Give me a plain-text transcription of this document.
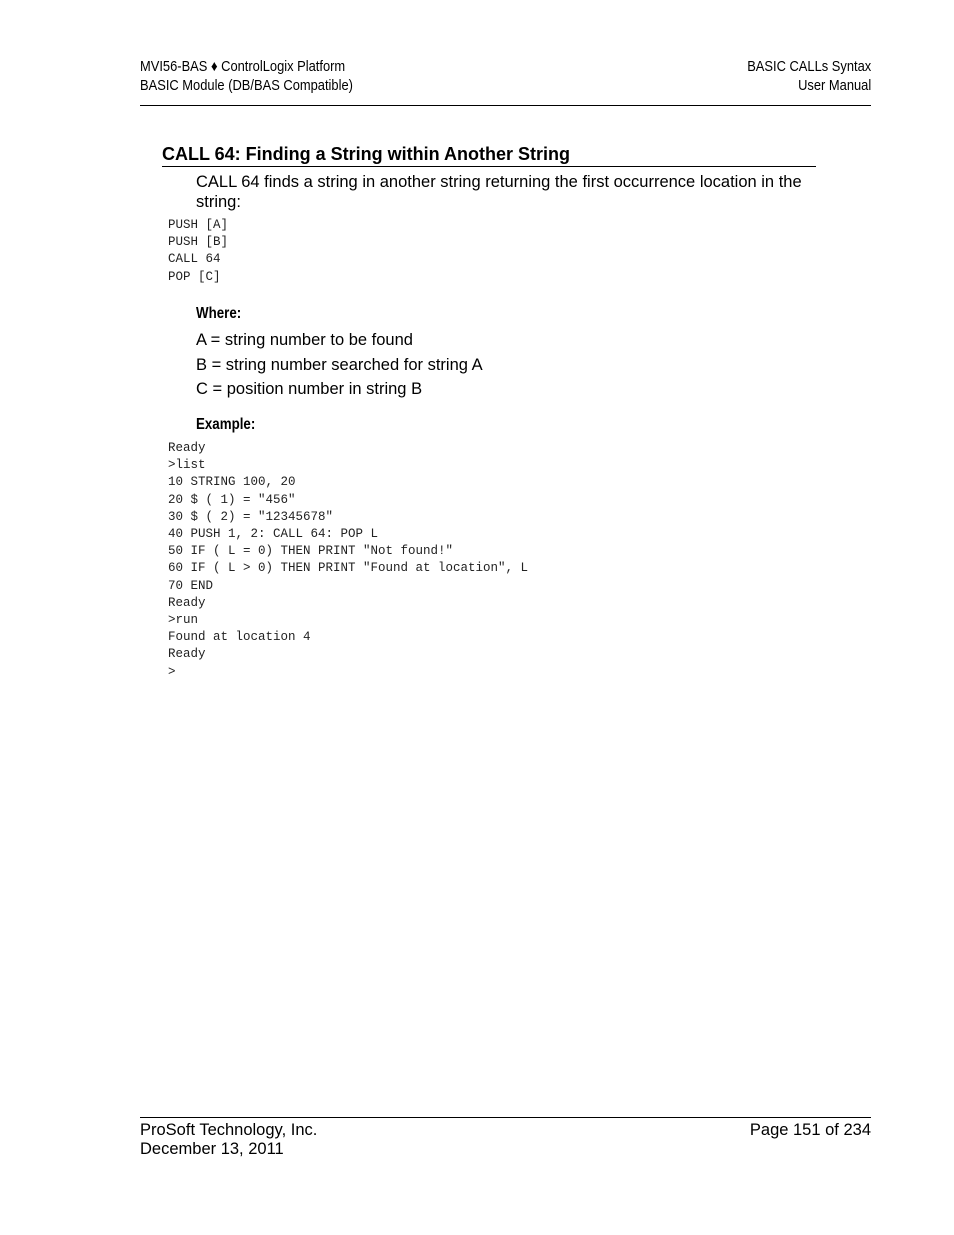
MVI56-BAS ♦ ControlLogix Platform
BASIC Module (DB/BAS Compatible)
BASIC CALLs Syntax
User Manual
CALL 64: Finding a String within Another String
CALL 64 finds a string in another string returning the first occurrence location in the string:
PUSH [A]
PUSH [B]
CALL 64
POP [C]
Where:
A = string number to be found
B = string number searched for string A
C = position number in string B
Example:
Ready
>list
10 STRING 100, 20
20 $ ( 1) = "456"
30 $ ( 2) = "12345678"
40 PUSH 1, 2: CALL 64: POP L
50 IF ( L = 0) THEN PRINT "Not found!"
60 IF ( L > 0) THEN PRINT "Found at location", L
70 END
Ready
>run
Found at location 4
Ready
>
ProSoft Technology, Inc.
December 13, 2011
Page 151 of 234
